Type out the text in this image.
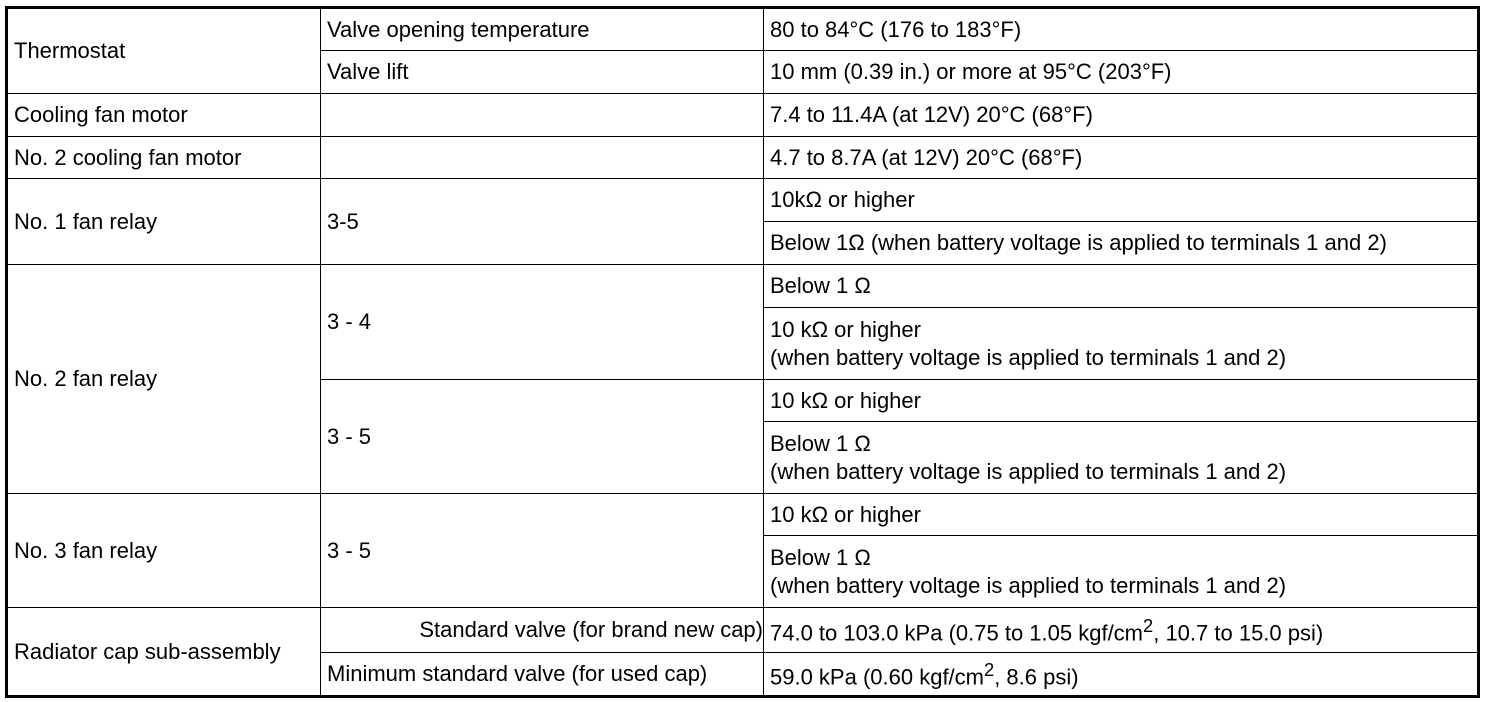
Thermostat	Valve opening temperature	80 to 84°C (176 to 183°F)
	Valve lift	10 mm (0.39 in.) or more at 95°C (203°F)
Cooling fan motor		7.4 to 11.4A (at 12V) 20°C (68°F)
No. 2 cooling fan motor		4.7 to 8.7A (at 12V) 20°C (68°F)
No. 1 fan relay	3-5	10kΩ or higher
		Below 1Ω (when battery voltage is applied to terminals 1 and 2)
No. 2 fan relay	3 - 4	Below 1 Ω

		10 kΩ or higher
(when battery voltage is applied to terminals 1 and 2)

	3 - 5	10 kΩ or higher

		Below 1 Ω
(when battery voltage is applied to terminals 1 and 2)

No. 3 fan relay	3 - 5	10 kΩ or higher

		Below 1 Ω
(when battery voltage is applied to terminals 1 and 2)

Radiator cap sub-assembly	Standard valve (for brand new cap)	74.0 to 103.0 kPa (0.75 to 1.05 kgf/$cm^2$, 10.7 to 15.0 psi)
	Minimum standard valve (for used cap)	59.0 kPa (0.60 kgf/$cm^2$, 8.6 psi)
